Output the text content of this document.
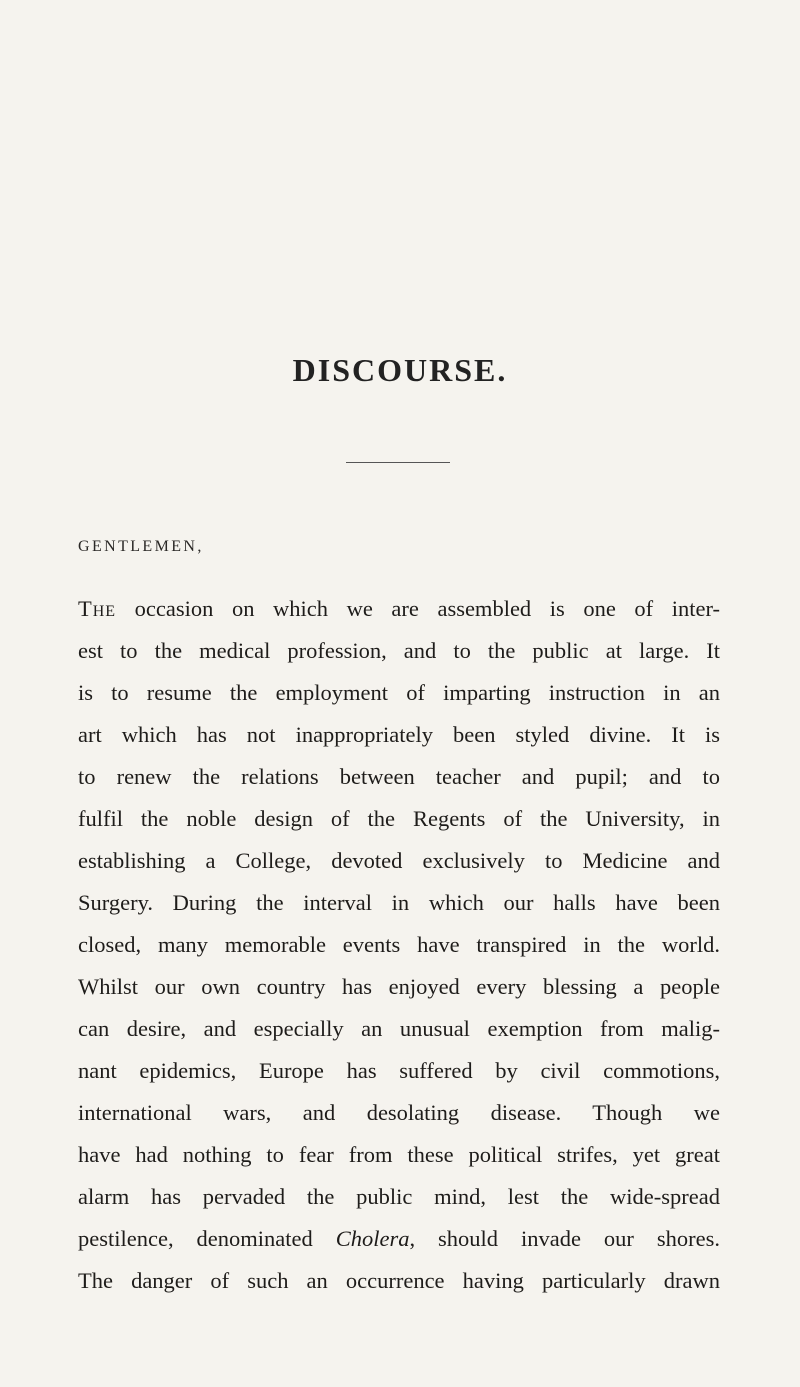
DISCOURSE.
GENTLEMEN,
The occasion on which we are assembled is one of inter-
est to the medical profession, and to the public at large. It
is to resume the employment of imparting instruction in an
art which has not inappropriately been styled divine. It is
to renew the relations between teacher and pupil; and to
fulfil the noble design of the Regents of the University, in
establishing a College, devoted exclusively to Medicine and
Surgery. During the interval in which our halls have been
closed, many memorable events have transpired in the world.
Whilst our own country has enjoyed every blessing a people
can desire, and especially an unusual exemption from malig-
nant epidemics, Europe has suffered by civil commotions,
international wars, and desolating disease. Though we
have had nothing to fear from these political strifes, yet great
alarm has pervaded the public mind, lest the wide-spread
pestilence, denominated Cholera, should invade our shores.
The danger of such an occurrence having particularly drawn
